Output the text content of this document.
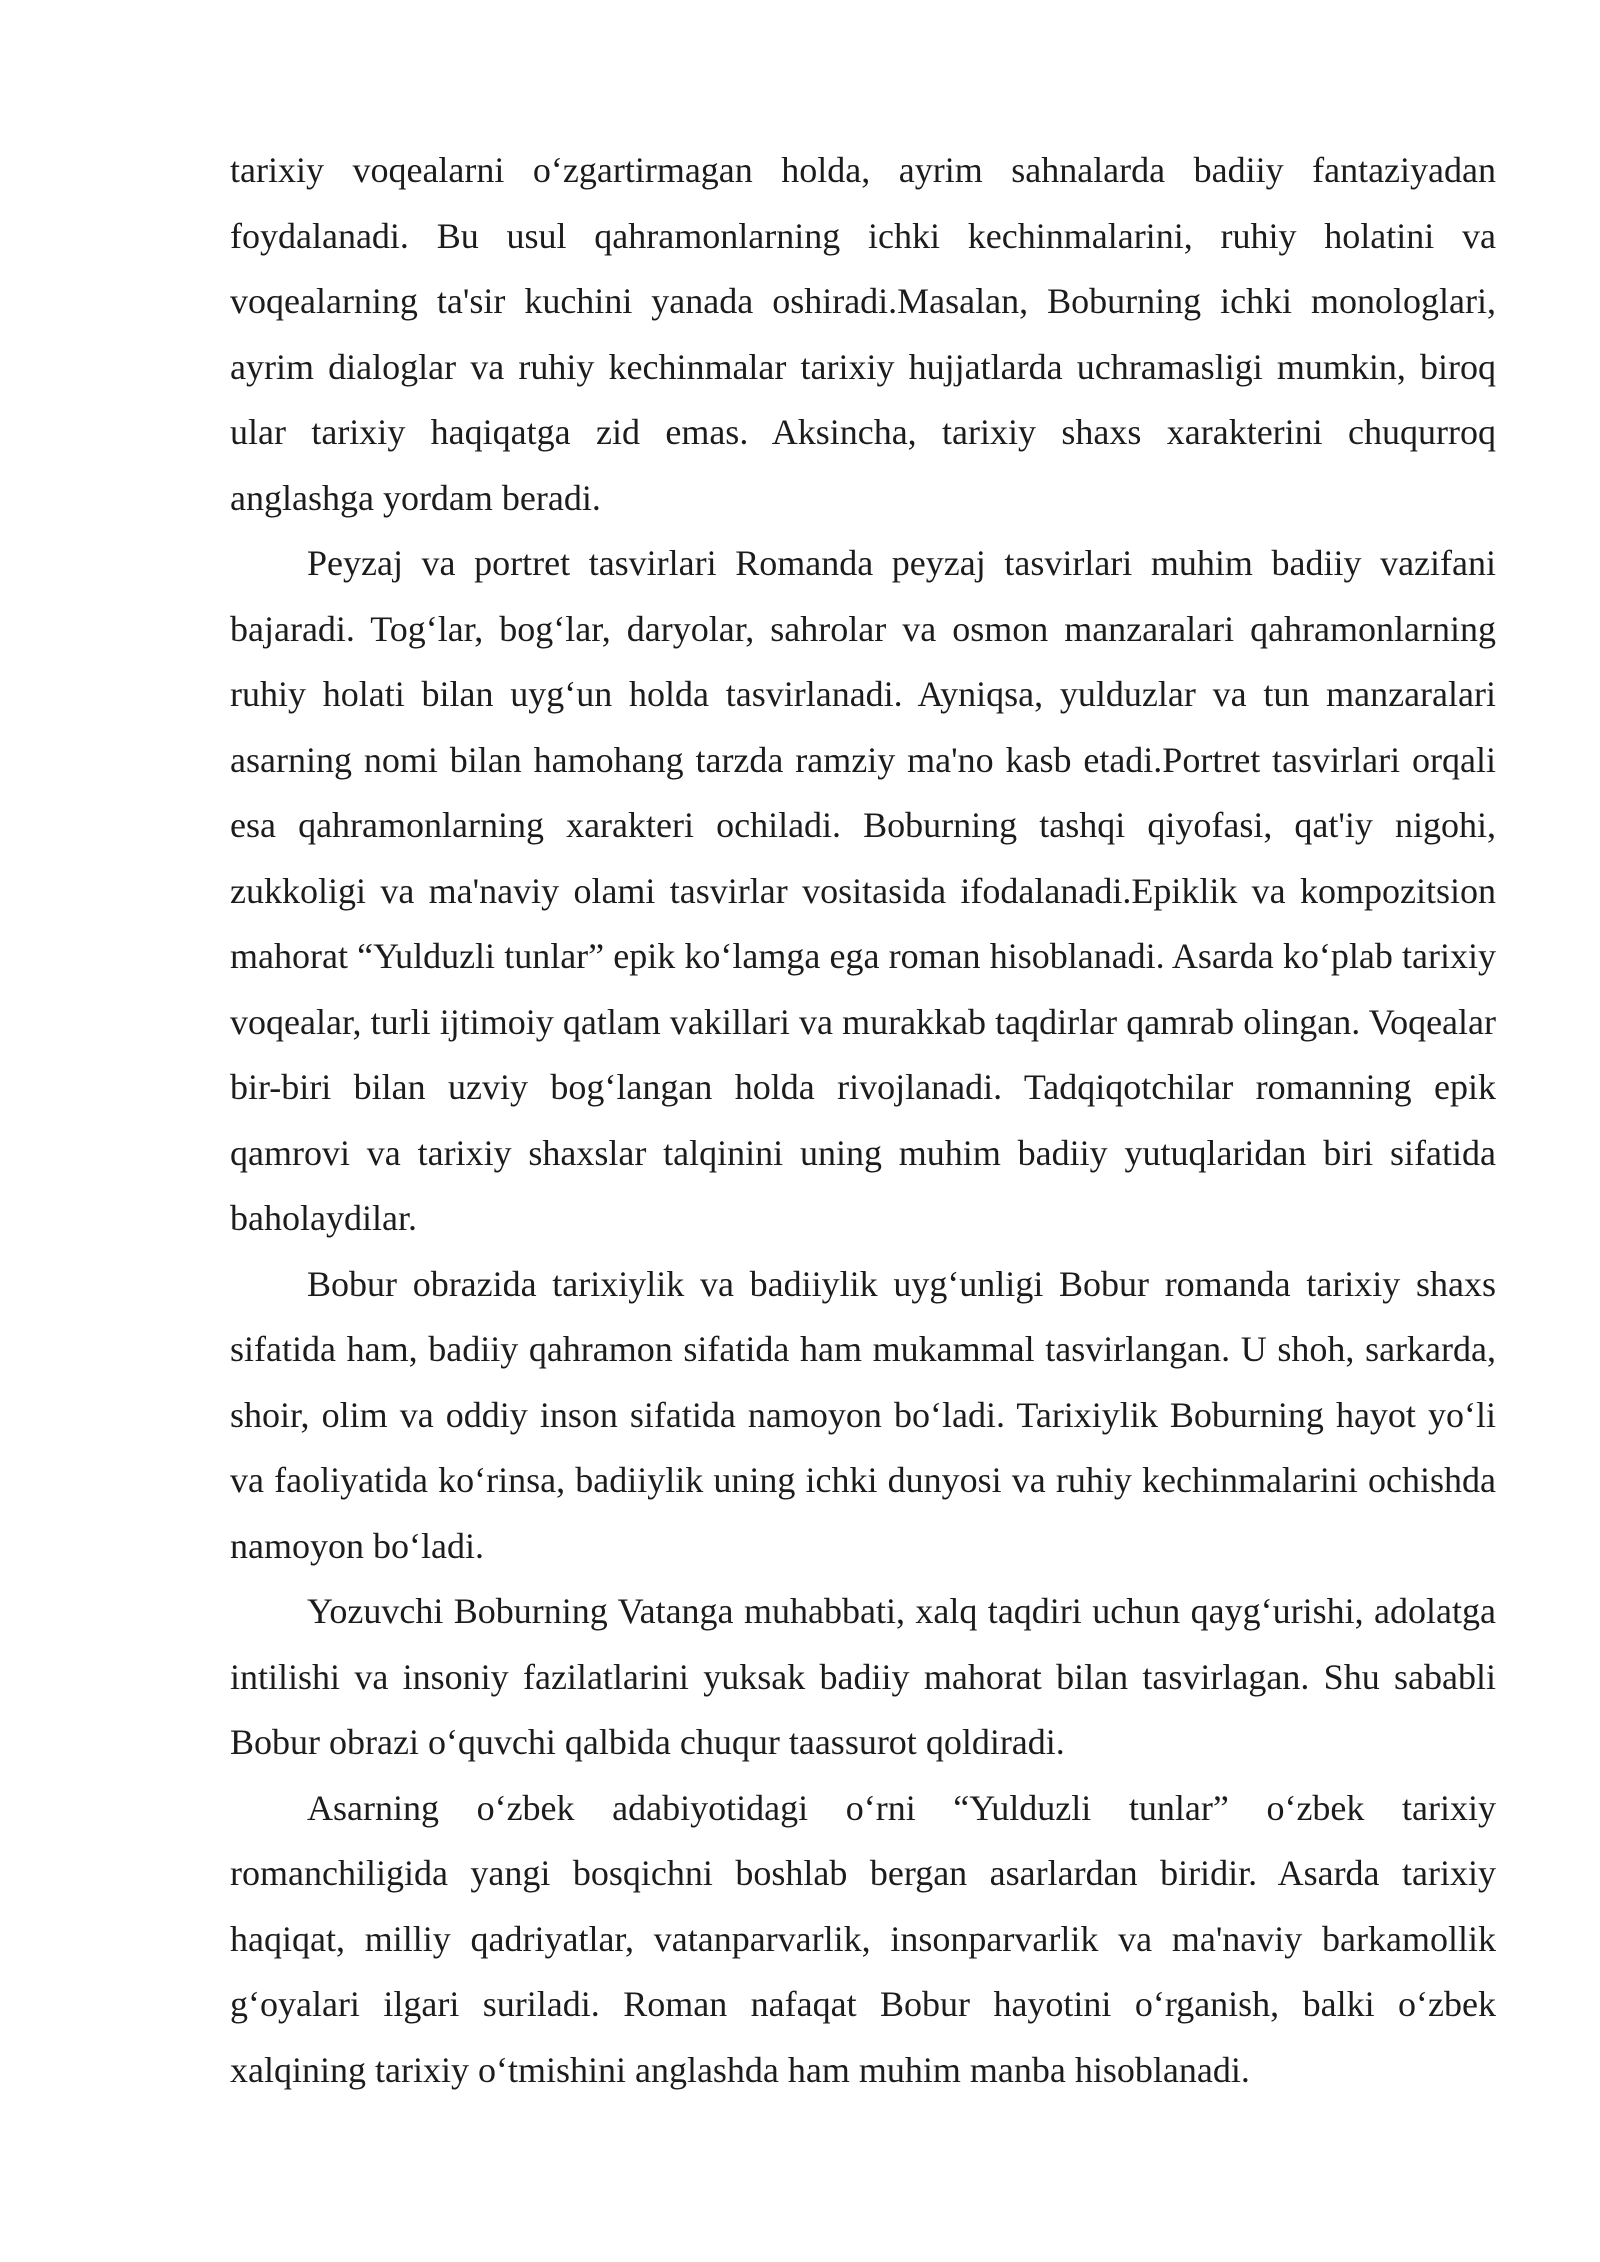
tarixiy voqealarni o‘zgartirmagan holda, ayrim sahnalarda badiiy fantaziyadan foydalanadi. Bu usul qahramonlarning ichki kechinmalarini, ruhiy holatini va voqealarning ta'sir kuchini yanada oshiradi.Masalan, Boburning ichki monologlari, ayrim dialoglar va ruhiy kechinmalar tarixiy hujjatlarda uchramasligi mumkin, biroq ular tarixiy haqiqatga zid emas. Aksincha, tarixiy shaxs xarakterini chuqurroq anglashga yordam beradi.

Peyzaj va portret tasvirlari Romanda peyzaj tasvirlari muhim badiiy vazifani bajaradi. Tog‘lar, bog‘lar, daryolar, sahrolar va osmon manzaralari qahramonlarning ruhiy holati bilan uyg‘un holda tasvirlanadi. Ayniqsa, yulduzlar va tun manzaralari asarning nomi bilan hamohang tarzda ramziy ma'no kasb etadi.Portret tasvirlari orqali esa qahramonlarning xarakteri ochiladi. Boburning tashqi qiyofasi, qat'iy nigohi, zukkoligi va ma'naviy olami tasvirlar vositasida ifodalanadi.Epiklik va kompozitsion mahorat “Yulduzli tunlar” epik ko‘lamga ega roman hisoblanadi. Asarda ko‘plab tarixiy voqealar, turli ijtimoiy qatlam vakillari va murakkab taqdirlar qamrab olingan. Voqealar bir-biri bilan uzviy bog‘langan holda rivojlanadi. Tadqiqotchilar romanning epik qamrovi va tarixiy shaxslar talqinini uning muhim badiiy yutuqlaridan biri sifatida baholaydilar.

Bobur obrazida tarixiylik va badiiylik uyg‘unligi Bobur romanda tarixiy shaxs sifatida ham, badiiy qahramon sifatida ham mukammal tasvirlangan. U shoh, sarkarda, shoir, olim va oddiy inson sifatida namoyon bo‘ladi. Tarixiylik Boburning hayot yo‘li va faoliyatida ko‘rinsa, badiiylik uning ichki dunyosi va ruhiy kechinmalarini ochishda namoyon bo‘ladi.

Yozuvchi Boburning Vatanga muhabbati, xalq taqdiri uchun qayg‘urishi, adolatga intilishi va insoniy fazilatlarini yuksak badiiy mahorat bilan tasvirlagan. Shu sababli Bobur obrazi o‘quvchi qalbida chuqur taassurot qoldiradi.

Asarning o‘zbek adabiyotidagi o‘rni “Yulduzli tunlar” o‘zbek tarixiy romanchiligida yangi bosqichni boshlab bergan asarlardan biridir. Asarda tarixiy haqiqat, milliy qadriyatlar, vatanparvarlik, insonparvarlik va ma'naviy barkamollik g‘oyalari ilgari suriladi. Roman nafaqat Bobur hayotini o‘rganish, balki o‘zbek xalqining tarixiy o‘tmishini anglashda ham muhim manba hisoblanadi.
